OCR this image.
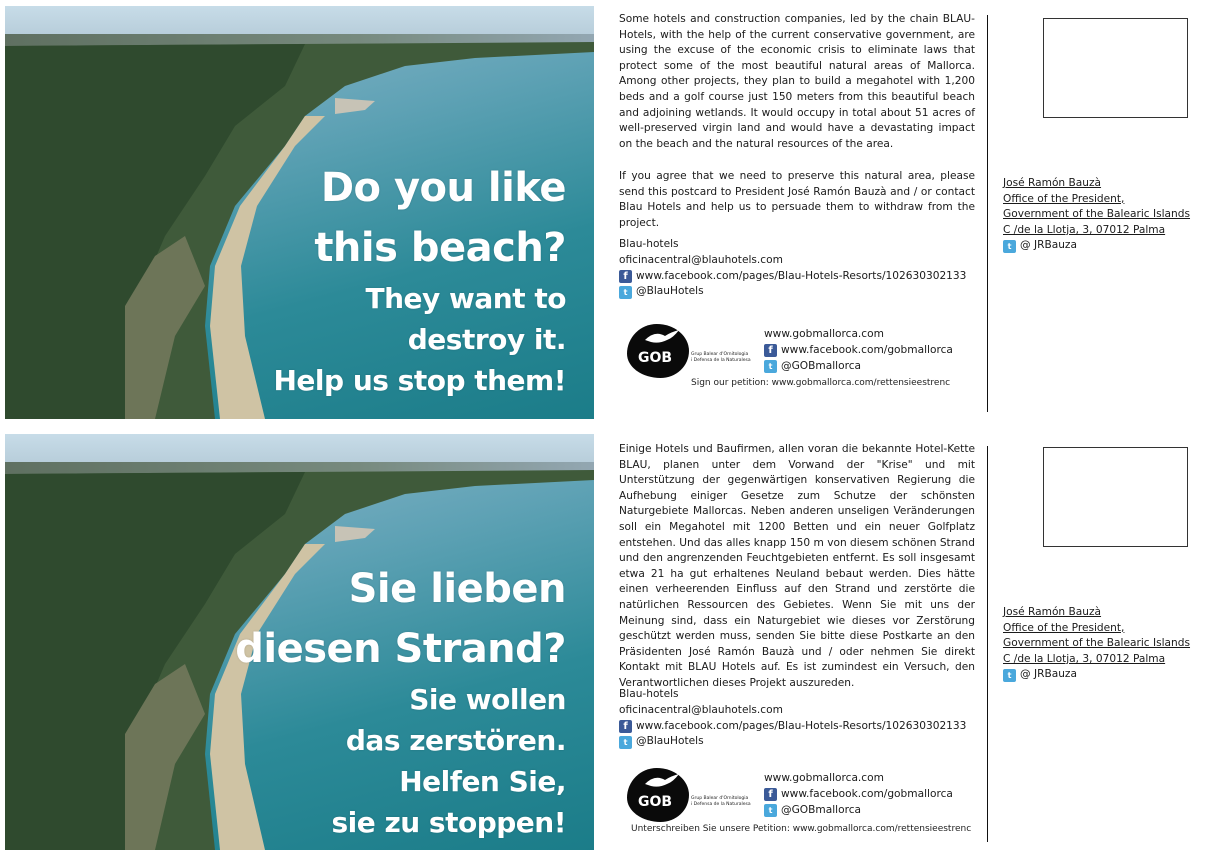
Do you like
this beach?
They want to
destroy it.
Help us stop them!

Some hotels and construction companies, led by the chain BLAU-Hotels, with the help of the current conservative government, are using the excuse of the economic crisis to eliminate laws that protect some of the most beautiful natural areas of Mallorca. Among other projects, they plan to build a megahotel with 1,200 beds and a golf course just 150 meters from this beautiful beach and adjoining wetlands. It would occupy in total about 51 acres of well-preserved virgin land and would have a devastating impact on the beach and the natural resources of the area.

If you agree that we need to preserve this natural area, please send this postcard to President José Ramón Bauzà and / or contact Blau Hotels and help us to persuade them to withdraw from the project.

Blau-hotels
oficinacentral@blauhotels.com
f www.facebook.com/pages/Blau-Hotels-Resorts/102630302133
t @BlauHotels
GOB	Grup Balear d'Ornitologia
i Defensa de la Naturalesa
www.gobmallorca.com
f www.facebook.com/gobmallorca
t @GOBmallorca
Sign our petition: www.gobmallorca.com/rettensieestrenc
José Ramón Bauzà
Office of the President,
Government of the Balearic Islands
C /de la Llotja, 3, 07012 Palma
t @ JRBauza
Sie lieben
diesen Strand?
Sie wollen
das zerstören.
Helfen Sie,
sie zu stoppen!

Einige Hotels und Baufirmen, allen voran die bekannte Hotel-Kette BLAU, planen unter dem Vorwand der "Krise" und mit Unterstützung der gegenwärtigen konservativen Regierung die Aufhebung einiger Gesetze zum Schutze der schönsten Naturgebiete Mallorcas. Neben anderen unseligen Veränderungen soll ein Megahotel mit 1200 Betten und ein neuer Golfplatz entstehen. Und das alles knapp 150 m von diesem schönen Strand und den angrenzenden Feuchtgebieten entfernt. Es soll insgesamt etwa 21 ha gut erhaltenes Neuland bebaut werden. Dies hätte einen verheerenden Einfluss auf den Strand und zerstörte die natürlichen Ressourcen des Gebietes. Wenn Sie mit uns der Meinung sind, dass ein Naturgebiet wie dieses vor Zerstörung geschützt werden muss, senden Sie bitte diese Postkarte an den Präsidenten José Ramón Bauzà und / oder nehmen Sie direkt Kontakt mit BLAU Hotels auf. Es ist zumindest ein Versuch, den Verantwortlichen dieses Projekt auszureden.

Blau-hotels
oficinacentral@blauhotels.com
f www.facebook.com/pages/Blau-Hotels-Resorts/102630302133
t @BlauHotels
GOB	Grup Balear d'Ornitologia
i Defensa de la Naturalesa
www.gobmallorca.com
f www.facebook.com/gobmallorca
t @GOBmallorca
Unterschreiben Sie unsere Petition: www.gobmallorca.com/rettensieestrenc
José Ramón Bauzà
Office of the President,
Government of the Balearic Islands
C /de la Llotja, 3, 07012 Palma
t @ JRBauza
